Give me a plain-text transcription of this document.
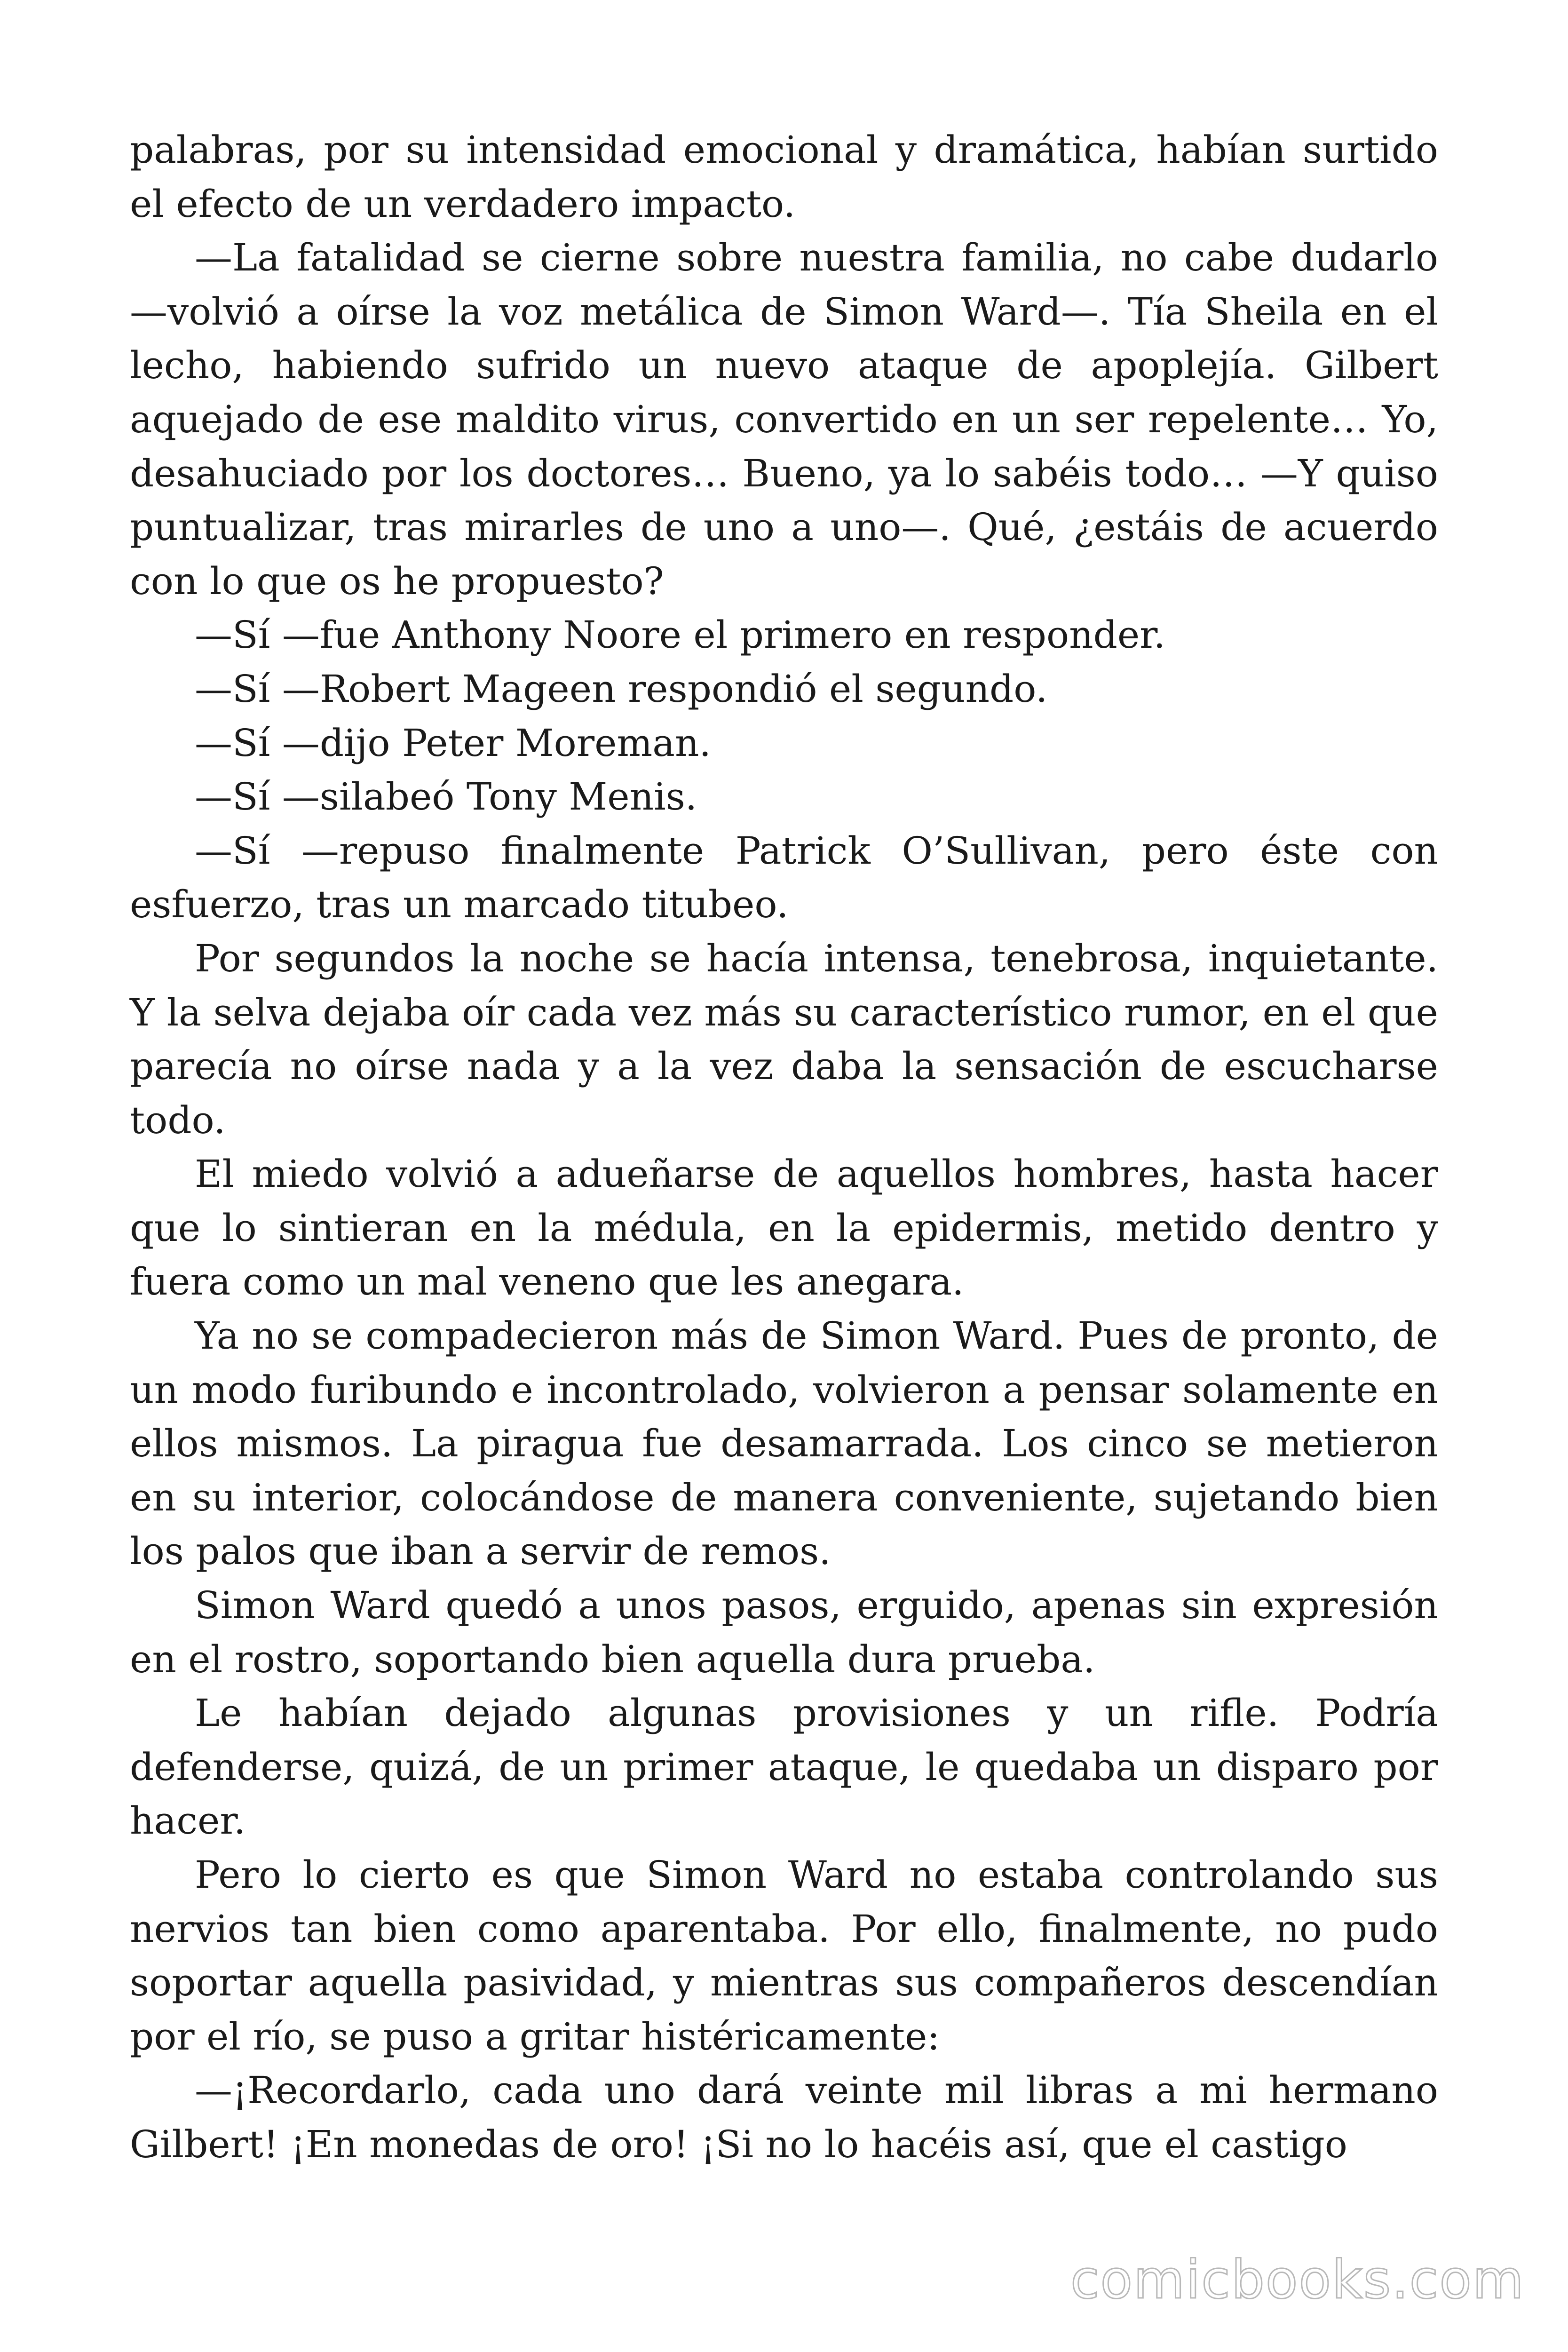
palabras, por su intensidad emocional y dramática, habían surtido el efecto de un verdadero impacto.

—La fatalidad se cierne sobre nuestra familia, no cabe dudarlo —volvió a oírse la voz metálica de Simon Ward—. Tía Sheila en el lecho, habiendo sufrido un nuevo ataque de apoplejía. Gilbert aquejado de ese maldito virus, convertido en un ser repelente… Yo, desahuciado por los doctores… Bueno, ya lo sabéis todo… —Y quiso puntualizar, tras mirarles de uno a uno—. Qué, ¿estáis de acuerdo con lo que os he propuesto?

—Sí —fue Anthony Noore el primero en responder.

—Sí —Robert Mageen respondió el segundo.

—Sí —dijo Peter Moreman.

—Sí —silabeó Tony Menis.

—Sí —repuso finalmente Patrick O’Sullivan, pero éste con esfuerzo, tras un marcado titubeo.

Por segundos la noche se hacía intensa, tenebrosa, inquietante. Y la selva dejaba oír cada vez más su característico rumor, en el que parecía no oírse nada y a la vez daba la sensación de escucharse todo.

El miedo volvió a adueñarse de aquellos hombres, hasta hacer que lo sintieran en la médula, en la epidermis, metido dentro y fuera como un mal veneno que les anegara.

Ya no se compadecieron más de Simon Ward. Pues de pronto, de un modo furibundo e incontrolado, volvieron a pensar solamente en ellos mismos. La piragua fue desamarrada. Los cinco se metieron en su interior, colocándose de manera conveniente, sujetando bien los palos que iban a servir de remos.

Simon Ward quedó a unos pasos, erguido, apenas sin expresión en el rostro, soportando bien aquella dura prueba.

Le habían dejado algunas provisiones y un rifle. Podría defenderse, quizá, de un primer ataque, le quedaba un disparo por hacer.

Pero lo cierto es que Simon Ward no estaba controlando sus nervios tan bien como aparentaba. Por ello, finalmente, no pudo soportar aquella pasividad, y mientras sus compañeros descendían por el río, se puso a gritar histéricamente:

—¡Recordarlo, cada uno dará veinte mil libras a mi hermano Gilbert! ¡En monedas de oro! ¡Si no lo hacéis así, que el castigo

comicbooks.com
